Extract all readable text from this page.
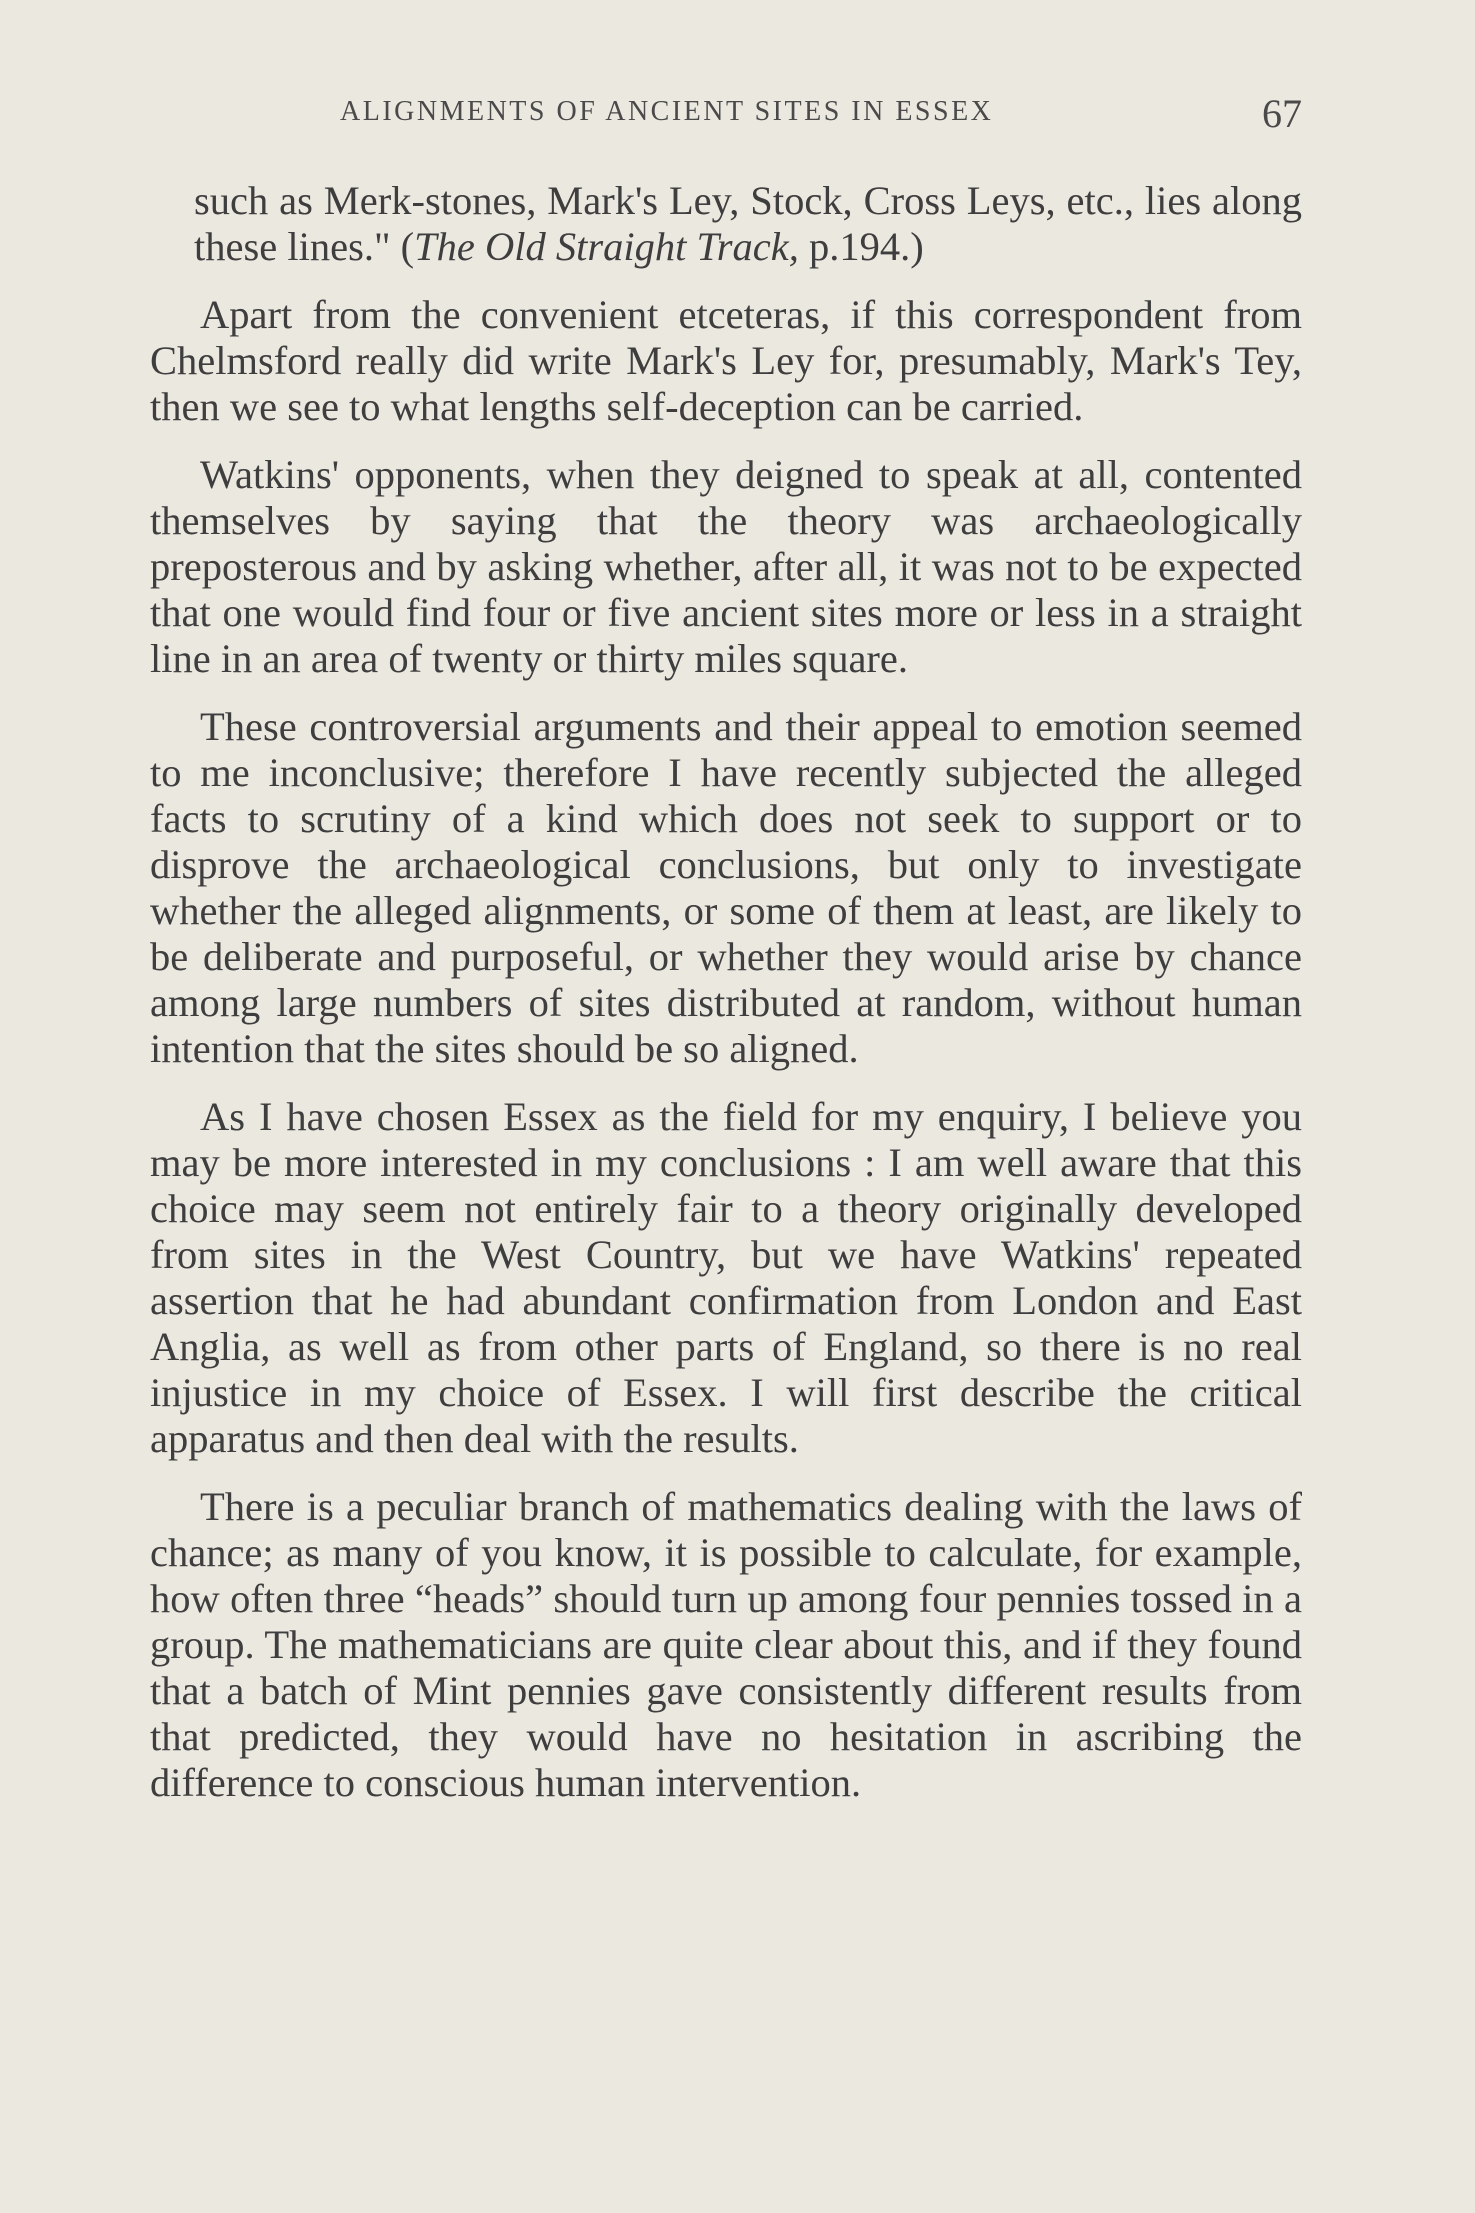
ALIGNMENTS OF ANCIENT SITES IN ESSEX	67

such as Merk-stones, Mark's Ley, Stock, Cross Leys, etc., lies along these lines." (The Old Straight Track, p.194.)

Apart from the convenient etceteras, if this correspondent from Chelmsford really did write Mark's Ley for, presumably, Mark's Tey, then we see to what lengths self-deception can be carried.

Watkins' opponents, when they deigned to speak at all, contented themselves by saying that the theory was archaeologically preposterous and by asking whether, after all, it was not to be expected that one would find four or five ancient sites more or less in a straight line in an area of twenty or thirty miles square.

These controversial arguments and their appeal to emotion seemed to me inconclusive; therefore I have recently subjected the alleged facts to scrutiny of a kind which does not seek to support or to disprove the archaeological conclusions, but only to investigate whether the alleged alignments, or some of them at least, are likely to be deliberate and purposeful, or whether they would arise by chance among large numbers of sites distributed at random, without human intention that the sites should be so aligned.

As I have chosen Essex as the field for my enquiry, I believe you may be more interested in my conclusions : I am well aware that this choice may seem not entirely fair to a theory originally developed from sites in the West Country, but we have Watkins' repeated assertion that he had abundant confirmation from London and East Anglia, as well as from other parts of England, so there is no real injustice in my choice of Essex. I will first describe the critical apparatus and then deal with the results.

There is a peculiar branch of mathematics dealing with the laws of chance; as many of you know, it is possible to calculate, for example, how often three “heads” should turn up among four pennies tossed in a group. The mathematicians are quite clear about this, and if they found that a batch of Mint pennies gave consistently different results from that predicted, they would have no hesitation in ascribing the difference to conscious human intervention.
